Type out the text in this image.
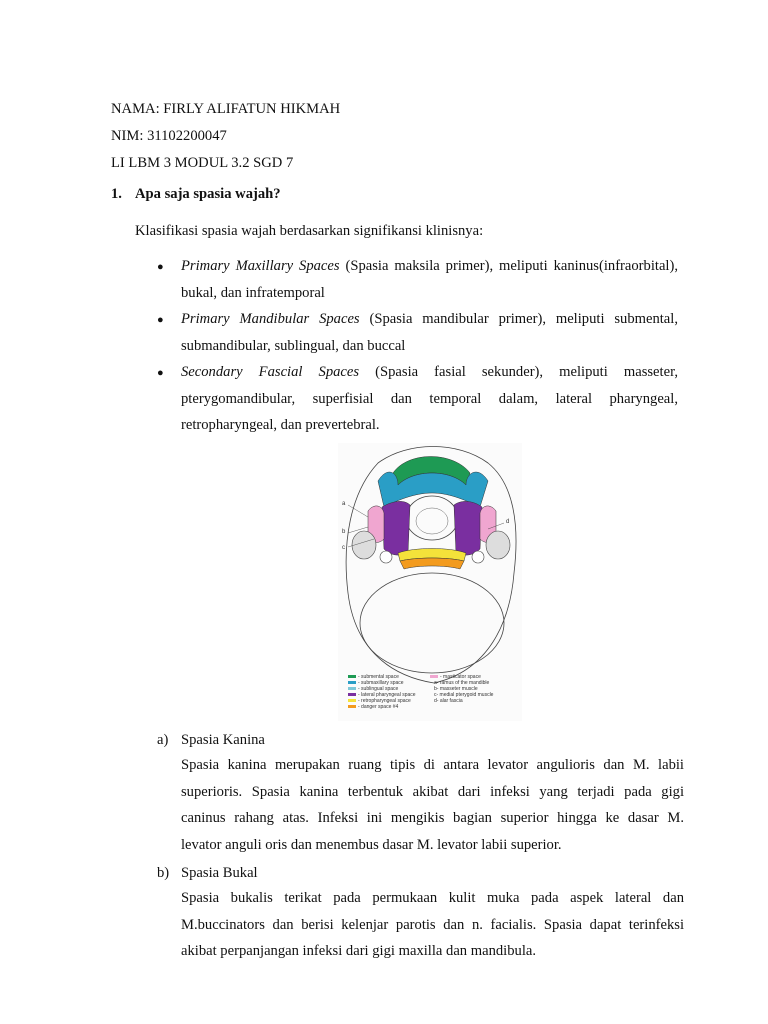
NAMA: FIRLY ALIFATUN HIKMAH
NIM: 31102200047
LI LBM 3 MODUL 3.2 SGD 7
1. Apa saja spasia wajah?
Klasifikasi spasia wajah berdasarkan signifikansi klinisnya:
● Primary Maxillary Spaces (Spasia maksila primer), meliputi kaninus(infraorbital),
bukal, dan infratemporal
● Primary Mandibular Spaces (Spasia mandibular primer), meliputi submental,
submandibular, sublingual, dan buccal
● Secondary Fascial Spaces (Spasia fasial sekunder), meliputi masseter,
pterygomandibular, superfisial dan temporal dalam, lateral pharyngeal,
retropharyngeal, dan prevertebral.
a
b
c
d
- submental space
- submaxillary space
- sublingual space
- lateral pharyngeal space
- retropharyngeal space
- danger space #4
- masticator space
a- ramus of the mandible
b- masseter muscle
c- medial pterygoid muscle
d- alar fascia
a) Spasia Kanina
Spasia kanina merupakan ruang tipis di antara levator angulioris dan M. labii
superioris. Spasia kanina terbentuk akibat dari infeksi yang terjadi pada gigi
caninus rahang atas. Infeksi ini mengikis bagian superior hingga ke dasar M.
levator anguli oris dan menembus dasar M. levator labii superior.
b) Spasia Bukal
Spasia bukalis terikat pada permukaan kulit muka pada aspek lateral dan
M.buccinators dan berisi kelenjar parotis dan n. facialis. Spasia dapat terinfeksi
akibat perpanjangan infeksi dari gigi maxilla dan mandibula.
